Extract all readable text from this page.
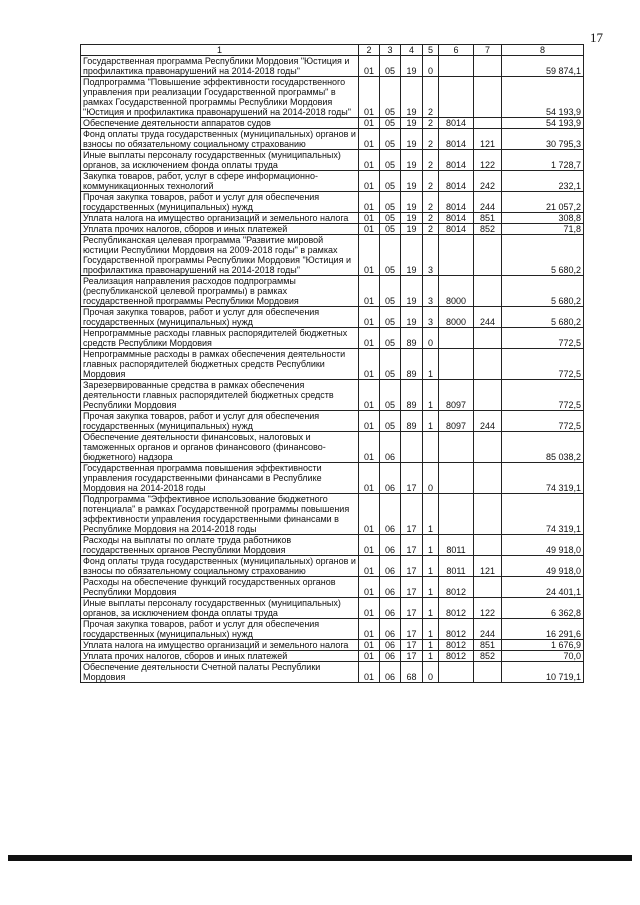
17
1	2	3	4	5	6	7	8
Государственная программа Республики Мордовия "Юстиция и профилактика правонарушений на 2014-2018 годы"	01	05	19	0			59 874,1
Подпрограмма "Повышение эффективности государственного управления при реализации Государственной программы" в рамках Государственной программы Республики Мордовия "Юстиция и профилактика правонарушений на 2014-2018 годы"	01	05	19	2			54 193,9
Обеспечение деятельности аппаратов судов	01	05	19	2	8014		54 193,9
Фонд оплаты труда государственных (муниципальных) органов и взносы по обязательному социальному страхованию	01	05	19	2	8014	121	30 795,3
Иные выплаты персоналу государственных (муниципальных) органов, за исключением фонда оплаты труда	01	05	19	2	8014	122	1 728,7
Закупка товаров, работ, услуг в сфере информационно-коммуникационных технологий	01	05	19	2	8014	242	232,1
Прочая закупка товаров, работ и услуг для обеспечения государственных (муниципальных) нужд	01	05	19	2	8014	244	21 057,2
Уплата налога на имущество организаций и земельного налога	01	05	19	2	8014	851	308,8
Уплата прочих налогов, сборов и иных платежей	01	05	19	2	8014	852	71,8
Республиканская целевая программа "Развитие мировой юстиции Республики Мордовия на 2009-2018 годы" в рамках Государственной программы Республики Мордовия "Юстиция и профилактика правонарушений на 2014-2018 годы"	01	05	19	3			5 680,2
Реализация направления расходов подпрограммы (республиканской целевой программы) в рамках государственной программы Республики Мордовия	01	05	19	3	8000		5 680,2
Прочая закупка товаров, работ и услуг для обеспечения государственных (муниципальных) нужд	01	05	19	3	8000	244	5 680,2
Непрограммные расходы главных распорядителей бюджетных средств Республики Мордовия	01	05	89	0			772,5
Непрограммные расходы в рамках обеспечения деятельности главных распорядителей бюджетных средств Республики Мордовия	01	05	89	1			772,5
Зарезервированные средства в рамках обеспечения деятельности главных распорядителей бюджетных средств Республики Мордовия	01	05	89	1	8097		772,5
Прочая закупка товаров, работ и услуг для обеспечения государственных (муниципальных) нужд	01	05	89	1	8097	244	772,5
Обеспечение деятельности финансовых, налоговых и таможенных органов и органов финансового (финансово-бюджетного) надзора	01	06					85 038,2
Государственная программа повышения эффективности управления государственными финансами в Республике Мордовия на 2014-2018 годы	01	06	17	0			74 319,1
Подпрограмма "Эффективное использование бюджетного потенциала" в рамках Государственной программы повышения эффективности управления государственными финансами в Республике Мордовия на 2014-2018 годы	01	06	17	1			74 319,1
Расходы на выплаты по оплате труда работников государственных органов Республики Мордовия	01	06	17	1	8011		49 918,0
Фонд оплаты труда государственных (муниципальных) органов и взносы по обязательному социальному страхованию	01	06	17	1	8011	121	49 918,0
Расходы на обеспечение функций государственных органов Республики Мордовия	01	06	17	1	8012		24 401,1
Иные выплаты персоналу государственных (муниципальных) органов, за исключением фонда оплаты труда	01	06	17	1	8012	122	6 362,8
Прочая закупка товаров, работ и услуг для обеспечения государственных (муниципальных) нужд	01	06	17	1	8012	244	16 291,6
Уплата налога на имущество организаций и земельного налога	01	06	17	1	8012	851	1 676,9
Уплата прочих налогов, сборов и иных платежей	01	06	17	1	8012	852	70,0
Обеспечение деятельности Счетной палаты Республики Мордовия	01	06	68	0			10 719,1
